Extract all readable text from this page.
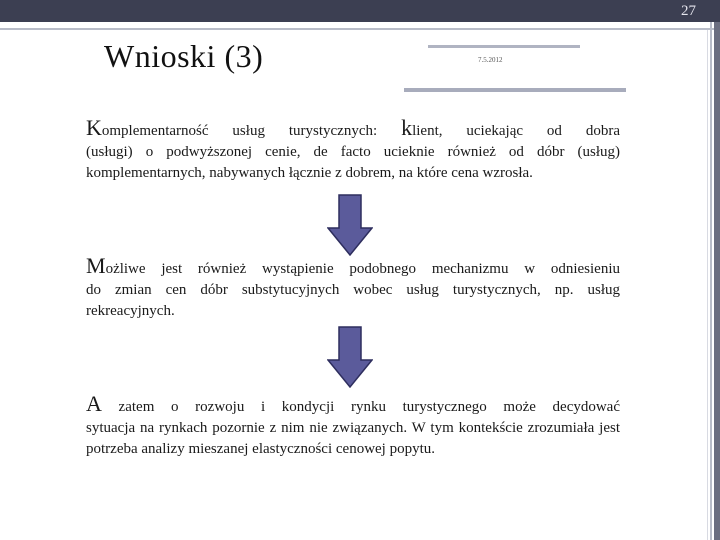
27
Wnioski (3)	7.5.2012
Komplementarność usług turystycznych: klient, uciekając od dobra
(usługi) o podwyższonej cenie, de facto ucieknie również od dóbr (usług) komplementarnych, nabywanych łącznie z dobrem, na które cena wzrosła.
Możliwe jest również wystąpienie podobnego mechanizmu w odniesieniu
do zmian cen dóbr substytucyjnych wobec usług turystycznych, np. usług rekreacyjnych.
A zatem o rozwoju i kondycji rynku turystycznego może decydować
sytuacja na rynkach pozornie z nim nie związanych. W tym kontekście zrozumiała jest potrzeba analizy mieszanej elastyczności cenowej popytu.
